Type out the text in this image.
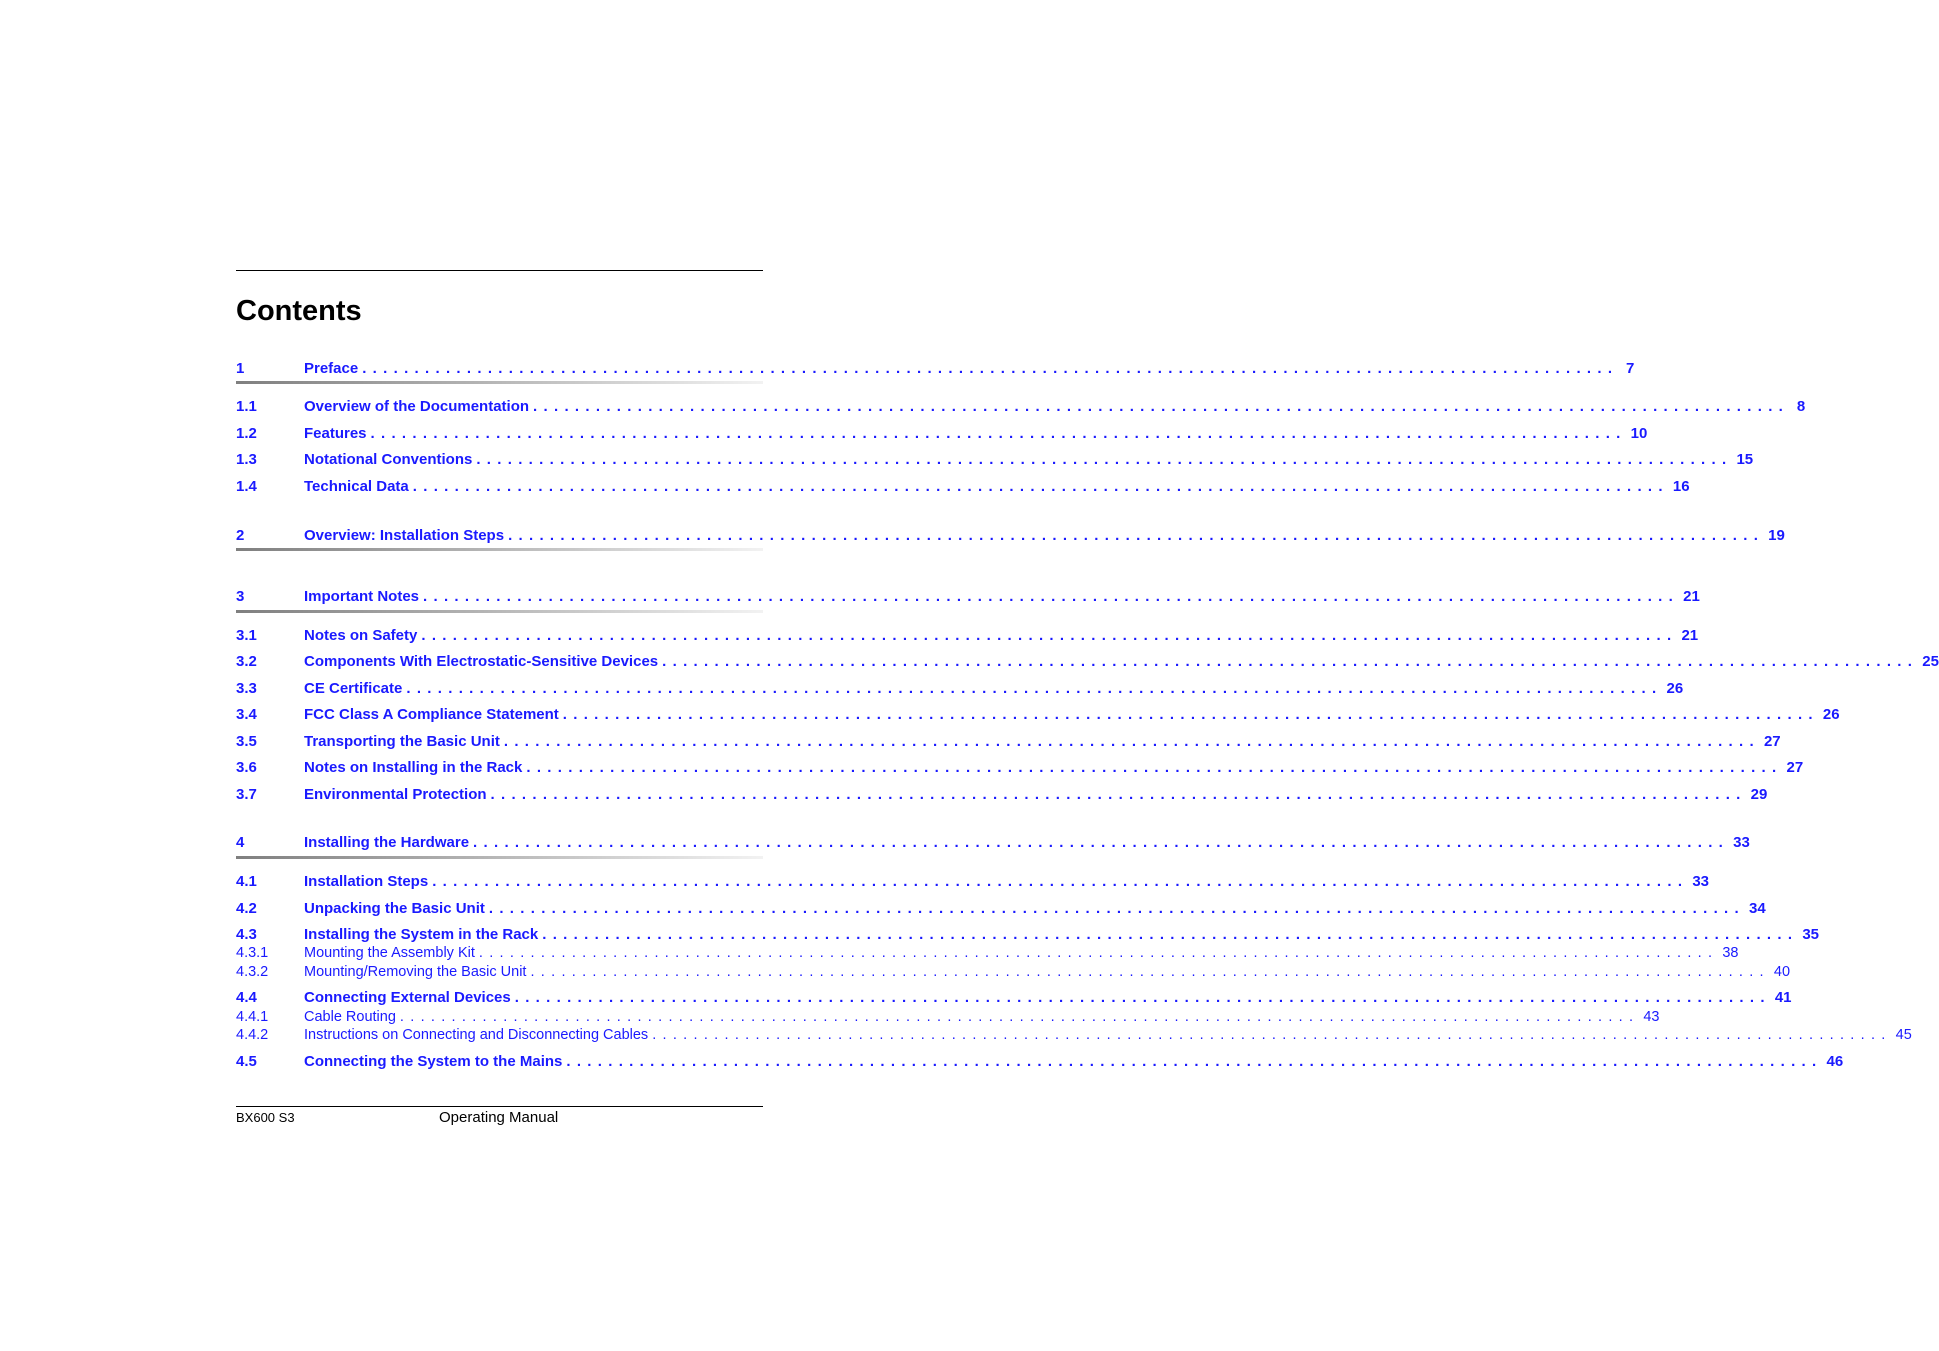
Contents
1	Preface ........................................................................................................................ 7
1.1	Overview of the Documentation ........................................................................................................................ 8
1.2	Features ........................................................................................................................ 10
1.3	Notational Conventions ........................................................................................................................ 15
1.4	Technical Data ........................................................................................................................ 16
2	Overview: Installation Steps ........................................................................................................................ 19
3	Important Notes ........................................................................................................................ 21
3.1	Notes on Safety ........................................................................................................................ 21
3.2	Components With Electrostatic-Sensitive Devices ........................................................................................................................ 25
3.3	CE Certificate ........................................................................................................................ 26
3.4	FCC Class A Compliance Statement ........................................................................................................................ 26
3.5	Transporting the Basic Unit ........................................................................................................................ 27
3.6	Notes on Installing in the Rack ........................................................................................................................ 27
3.7	Environmental Protection ........................................................................................................................ 29
4	Installing the Hardware ........................................................................................................................ 33
4.1	Installation Steps ........................................................................................................................ 33
4.2	Unpacking the Basic Unit ........................................................................................................................ 34
4.3	Installing the System in the Rack ........................................................................................................................ 35
4.3.1 Mounting the Assembly Kit ........................................................................................................................ 38
4.3.2 Mounting/Removing the Basic Unit ........................................................................................................................ 40
4.4	Connecting External Devices ........................................................................................................................ 41
4.4.1 Cable Routing ........................................................................................................................ 43
4.4.2 Instructions on Connecting and Disconnecting Cables ........................................................................................................................ 45
4.5	Connecting the System to the Mains ........................................................................................................................ 46
BX600 S3	Operating Manual
